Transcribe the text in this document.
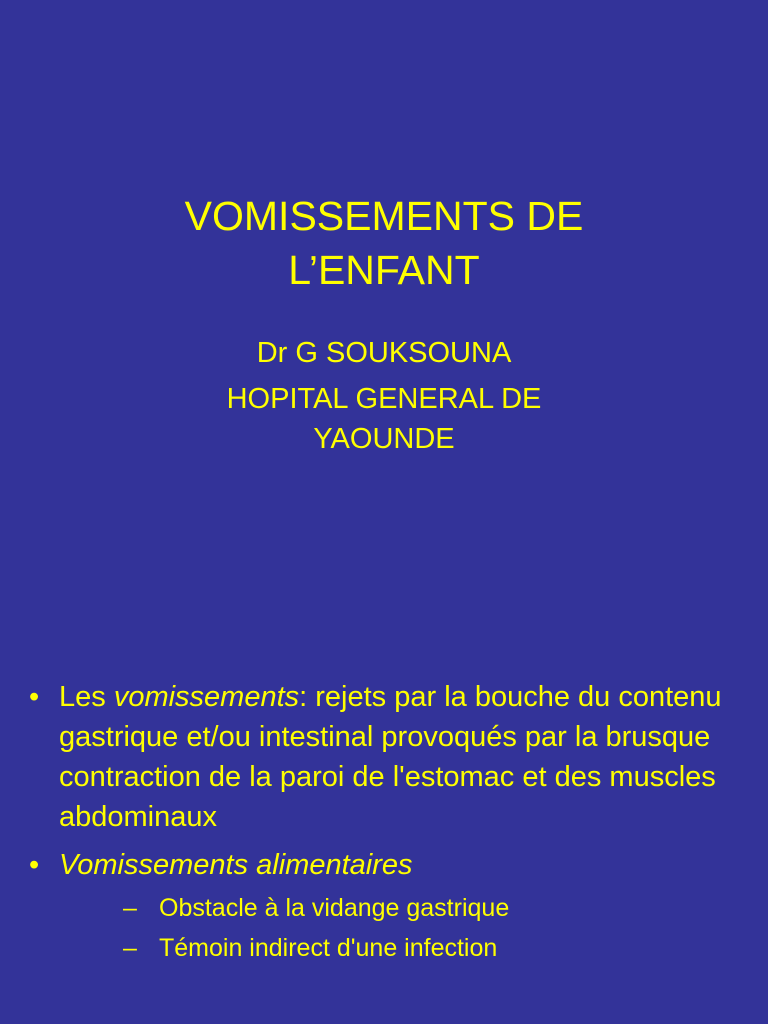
VOMISSEMENTS DE
L’ENFANT
Dr G SOUKSOUNA
HOPITAL GENERAL DE
YAOUNDE
• Les vomissements: rejets par la bouche du contenu gastrique et/ou intestinal provoqués par la brusque contraction de la paroi de l'estomac et des muscles abdominaux
• Vomissements alimentaires
– Obstacle à la vidange gastrique
– Témoin indirect d'une infection
